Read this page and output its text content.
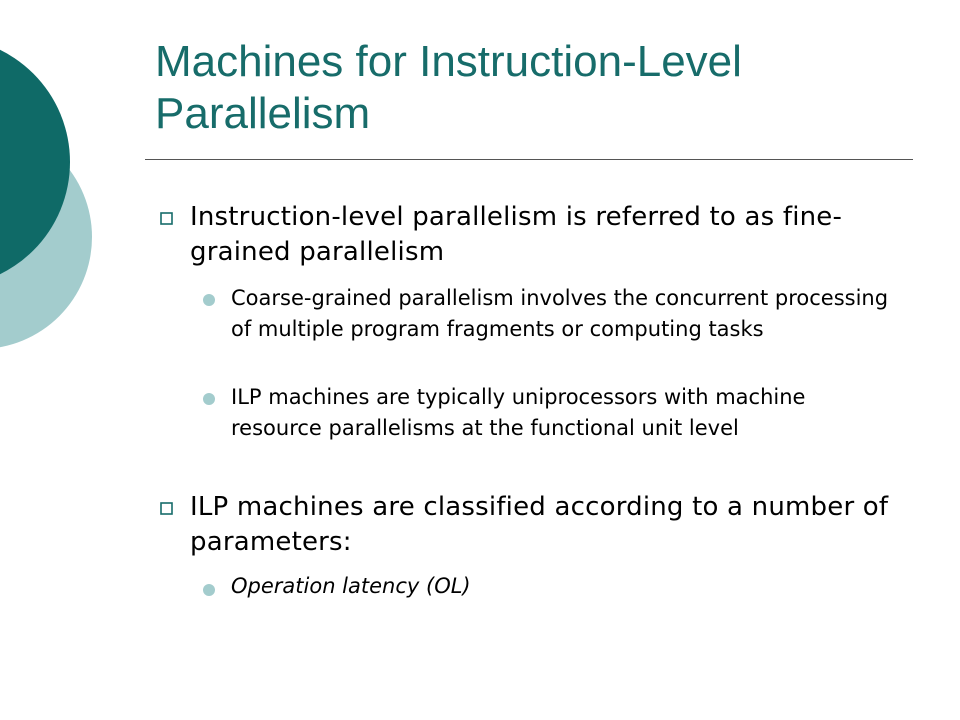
Machines for Instruction-Level Parallelism
Instruction-level parallelism is referred to as fine-grained parallelism
Coarse-grained parallelism involves the concurrent processing of multiple program fragments or computing tasks
ILP machines are typically uniprocessors with machine resource parallelisms at the functional unit level
ILP machines are classified according to a number of parameters:
Operation latency (OL)
